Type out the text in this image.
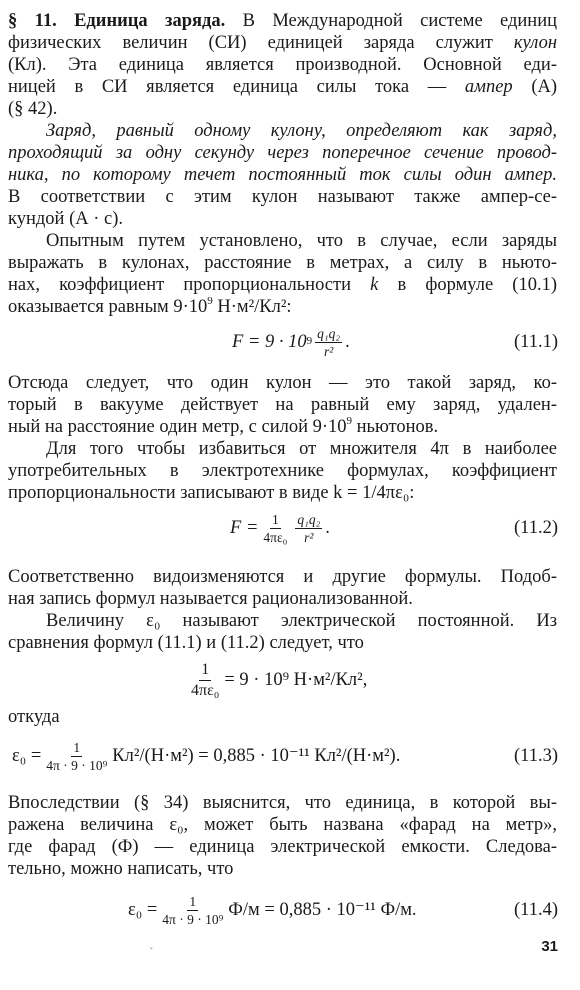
§ 11. Единица заряда. В Международной системе единиц
физических величин (СИ) единицей заряда служит кулон
(Кл). Эта единица является производной. Основной еди-
ницей в СИ является единица силы тока — ампер (А)
(§ 42).
Заряд, равный одному кулону, определяют как заряд,
проходящий за одну секунду через поперечное сечение провод-
ника, по которому течет постоянный ток силы один ампер.
В соответствии с этим кулон называют также ампер-се-
кундой (А · с).
Опытным путем установлено, что в случае, если заряды
выражать в кулонах, расстояние в метрах, а силу в ньюто-
нах, коэффициент пропорциональности k в формуле (10.1)
оказывается равным $9\cdot 10^9$ Н·м²/Кл²:
$F = 9 \cdot 10^9 \frac{\text{q₁q₂}}{\text{r²}}$ .	(11.1)
Отсюда следует, что один кулон — это такой заряд, ко-
торый в вакууме действует на равный ему заряд, удален-
ный на расстояние один метр, с силой $9\cdot 10^9$ ньютонов.
Для того чтобы избавиться от множителя 4π в наиболее
употребительных в электротехнике формулах, коэффициент
пропорциональности записывают в виде k = 1/4πε₀:
$F = \frac{1}{\text{4πε₀}} \frac{\text{q₁q₂}}{\text{r²}}$ .	(11.2)
Соответственно видоизменяются и другие формулы. Подоб-
ная запись формул называется рационализованной.
Величину ε₀ называют электрической постоянной. Из
сравнения формул (11.1) и (11.2) следует, что
$\frac{1}{\text{4πε₀}} = 9 \cdot 10^9$ Н·м²/Кл²,
откуда
$\varepsilon_0 = \frac{1}{\text{4π · 9 · 10⁹}} Кл^2/(Н\cdot м^2) = 0,885 \cdot 10^{-11}$ Кл²/(Н·м²).	(11.3)
Впоследствии (§ 34) выяснится, что единица, в которой вы-
ражена величина ε₀, может быть названа «фарад на метр»,
где фарад (Ф) — единица электрической емкости. Следова-
тельно, можно написать, что
$\varepsilon_0 = \frac{1}{\text{4π · 9 · 10⁹}} Ф/м = 0,885 \cdot 10^{-11}$ Ф/м.	(11.4)
ᵛ	31
